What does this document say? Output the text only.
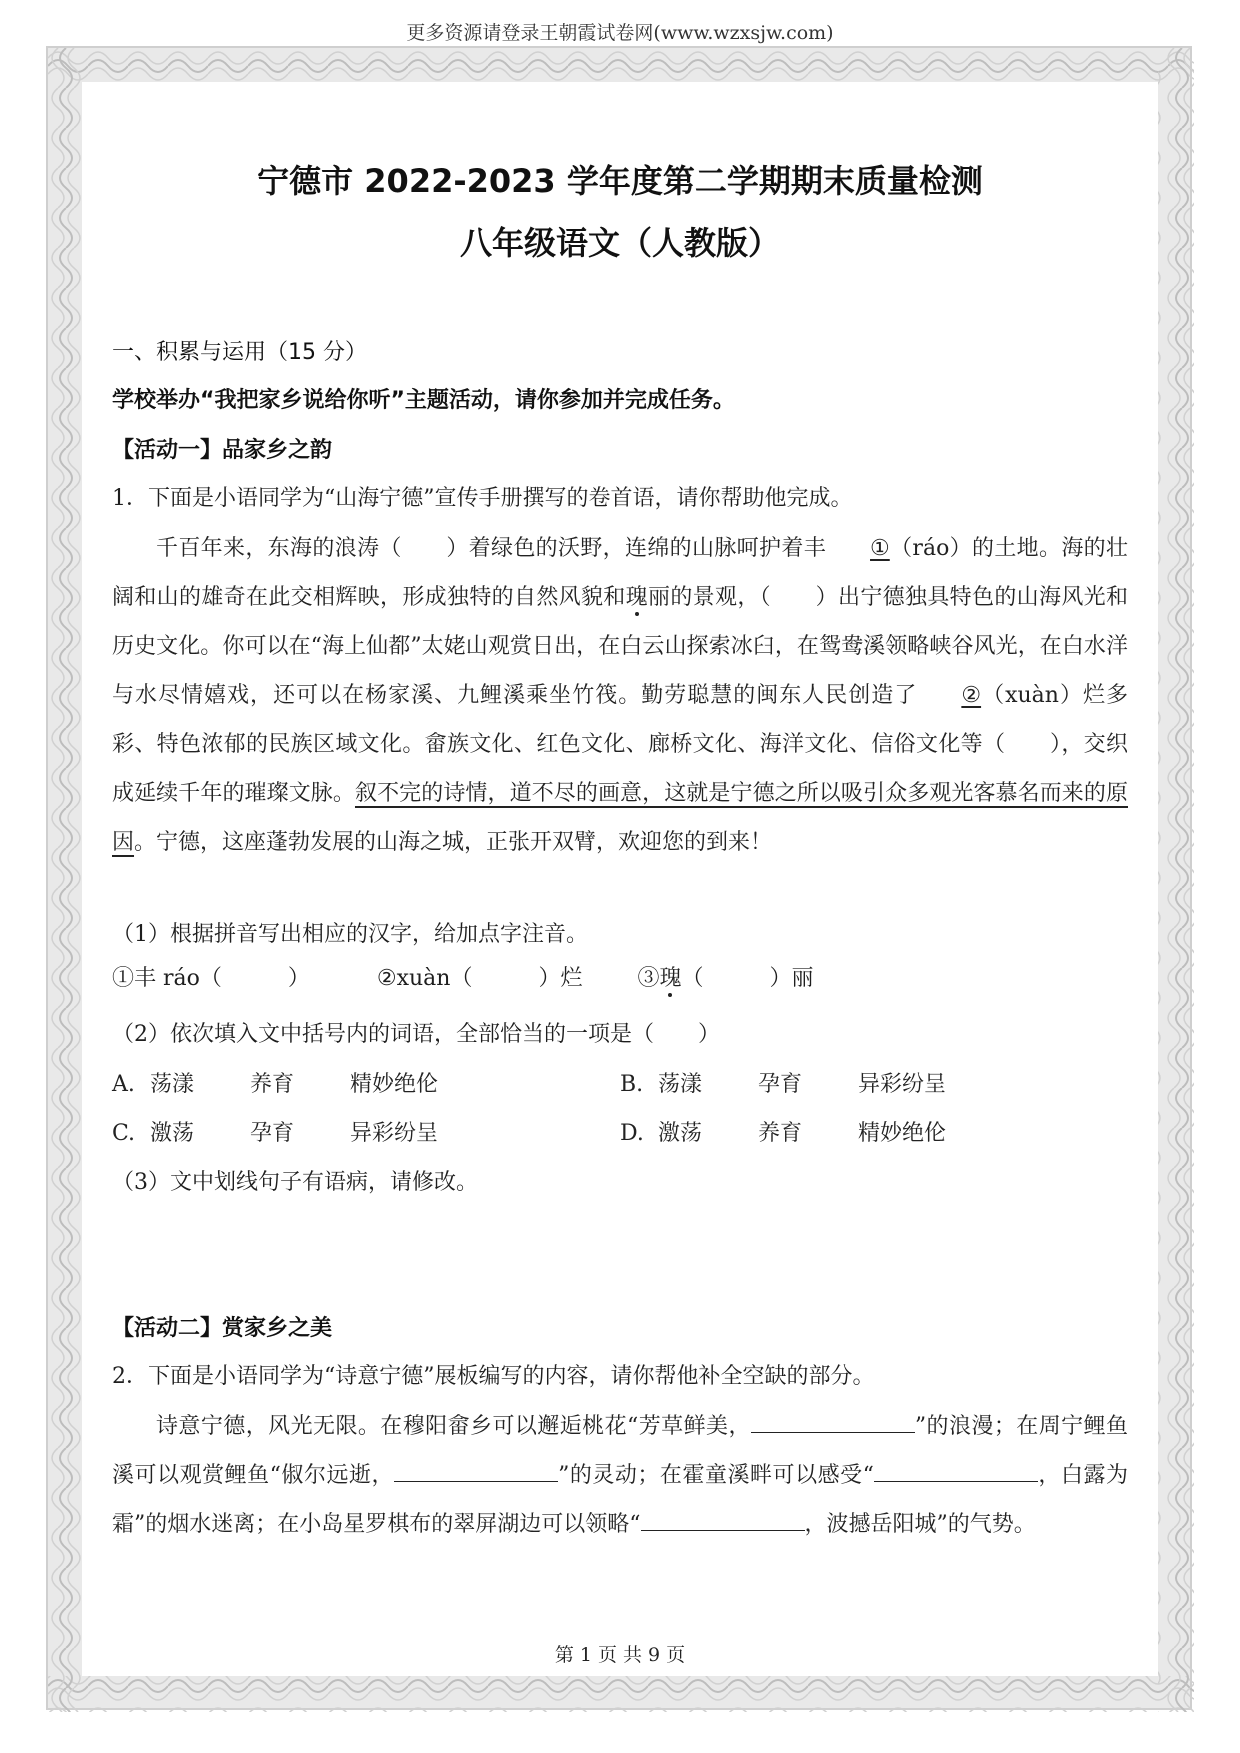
更多资源请登录王朝霞试卷网(www.wzxsjw.com)
宁德市 2022-2023 学年度第二学期期末质量检测
八年级语文（人教版）
一、积累与运用（15 分）
学校举办“我把家乡说给你听”主题活动，请你参加并完成任务。
【活动一】品家乡之韵
1．下面是小语同学为“山海宁德”宣传手册撰写的卷首语，请你帮助他完成。
千百年来，东海的浪涛（　　）着绿色的沃野，连绵的山脉呵护着丰 ①（ráo）的土地。海的壮阔和山的雄奇在此交相辉映，形成独特的自然风貌和瑰丽的景观，（　　）出宁德独具特色的山海风光和历史文化。你可以在“海上仙都”太姥山观赏日出，在白云山探索冰臼，在鸳鸯溪领略峡谷风光，在白水洋与水尽情嬉戏，还可以在杨家溪、九鲤溪乘坐竹筏。勤劳聪慧的闽东人民创造了 ②（xuàn）烂多彩、特色浓郁的民族区域文化。畲族文化、红色文化、廊桥文化、海洋文化、信俗文化等（　　），交织成延续千年的璀璨文脉。叙不完的诗情，道不尽的画意，这就是宁德之所以吸引众多观光客慕名而来的原因。宁德，这座蓬勃发展的山海之城，正张开双臂，欢迎您的到来！
（1）根据拼音写出相应的汉字，给加点字注音。
①丰 ráo（　　　）	②xuàn（　　　）烂	③瑰（　　　）丽
（2）依次填入文中括号内的词语，全部恰当的一项是（　　）
A. 荡漾	养育	精妙绝伦	B. 荡漾	孕育	异彩纷呈
C. 激荡	孕育	异彩纷呈	D. 激荡	养育	精妙绝伦
（3）文中划线句子有语病，请修改。
【活动二】赏家乡之美
2．下面是小语同学为“诗意宁德”展板编写的内容，请你帮他补全空缺的部分。
诗意宁德，风光无限。在穆阳畲乡可以邂逅桃花“芳草鲜美，	”的浪漫；在周宁鲤鱼溪可以观赏鲤鱼“俶尔远逝，	”的灵动；在霍童溪畔可以感受“	，白露为霜”的烟水迷离；在小岛星罗棋布的翠屏湖边可以领略“	，波撼岳阳城”的气势。
第 1 页 共 9 页
